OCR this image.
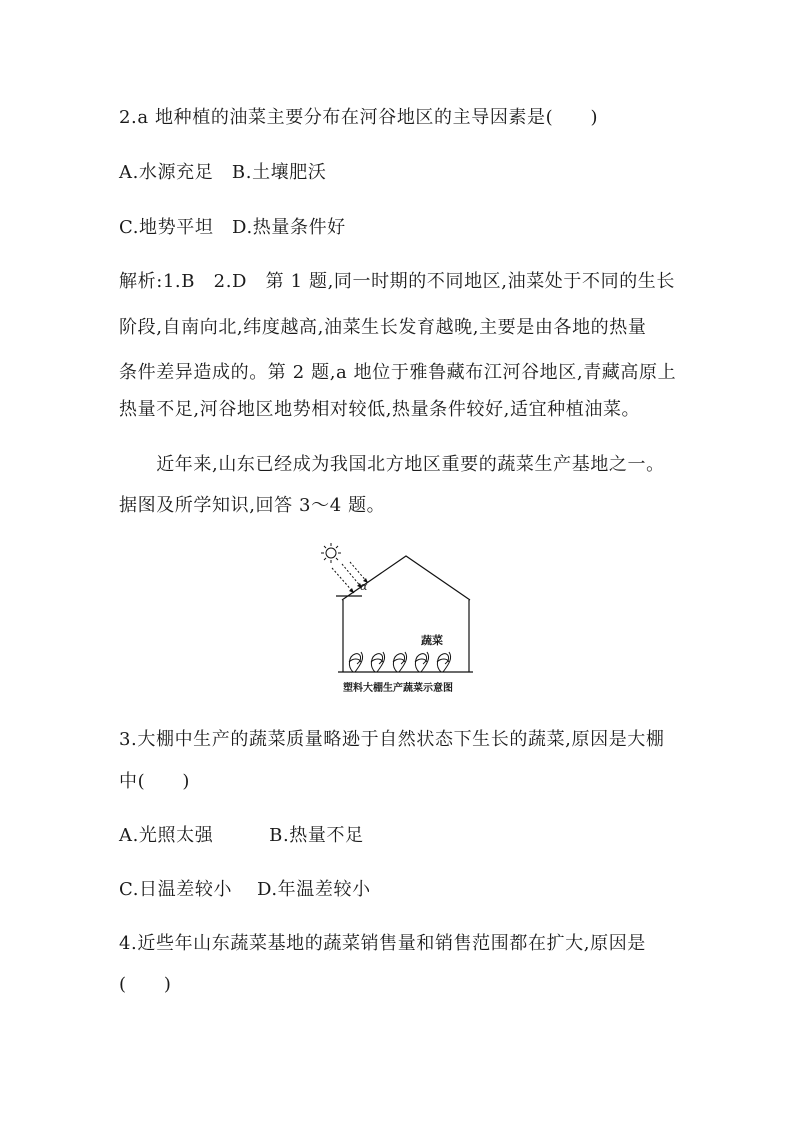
2.a 地种植的油菜主要分布在河谷地区的主导因素是(　　)

A.水源充足　B.土壤肥沃

C.地势平坦　D.热量条件好

解析:1.B　2.D　第 1 题,同一时期的不同地区,油菜处于不同的生长

阶段,自南向北,纬度越高,油菜生长发育越晚,主要是由各地的热量

条件差异造成的。第 2 题,a 地位于雅鲁藏布江河谷地区,青藏高原上

热量不足,河谷地区地势相对较低,热量条件较好,适宜种植油菜。

　　近年来,山东已经成为我国北方地区重要的蔬菜生产基地之一。

据图及所学知识,回答 3～4 题。

α
蔬菜
塑料大棚生产蔬菜示意图

3.大棚中生产的蔬菜质量略逊于自然状态下生长的蔬菜,原因是大棚

中(　　)

A.光照太强　　　B.热量不足

C.日温差较小　 D.年温差较小

4.近些年山东蔬菜基地的蔬菜销售量和销售范围都在扩大,原因是

(　　)
